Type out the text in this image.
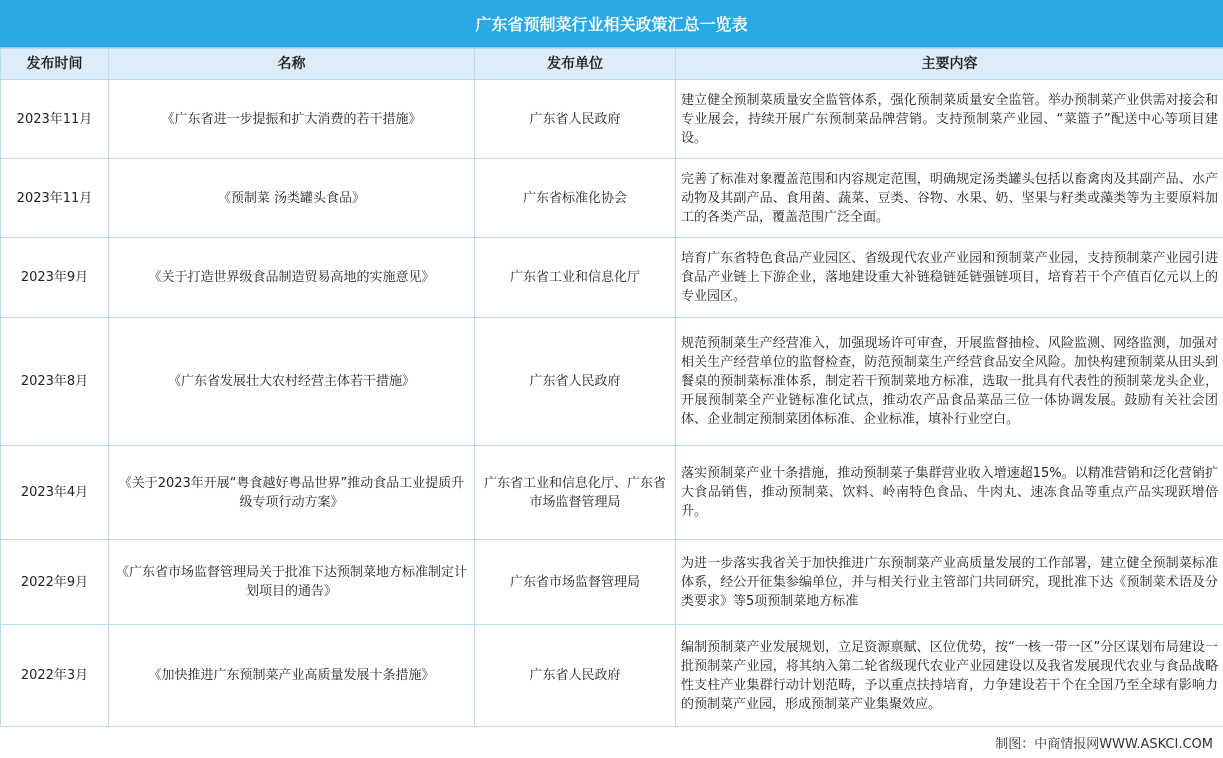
广东省预制菜行业相关政策汇总一览表
发布时间	名称	发布单位	主要内容
2023年11月	《广东省进一步提振和扩大消费的若干措施》	广东省人民政府	建立健全预制菜质量安全监管体系，强化预制菜质量安全监管。举办预制菜产业供需对接会和专业展会，持续开展广东预制菜品牌营销。支持预制菜产业园、“菜篮子”配送中心等项目建设。
2023年11月	《预制菜 汤类罐头食品》	广东省标准化协会	完善了标准对象覆盖范围和内容规定范围，明确规定汤类罐头包括以畜禽肉及其副产品、水产动物及其副产品、食用菌、蔬菜、豆类、谷物、水果、奶、坚果与籽类或藻类等为主要原料加工的各类产品，覆盖范围广泛全面。
2023年9月	《关于打造世界级食品制造贸易高地的实施意见》	广东省工业和信息化厅	培育广东省特色食品产业园区、省级现代农业产业园和预制菜产业园，支持预制菜产业园引进食品产业链上下游企业，落地建设重大补链稳链延链强链项目，培育若干个产值百亿元以上的专业园区。
2023年8月	《广东省发展壮大农村经营主体若干措施》	广东省人民政府	规范预制菜生产经营准入，加强现场许可审查，开展监督抽检、风险监测、网络监测，加强对相关生产经营单位的监督检查，防范预制菜生产经营食品安全风险。加快构建预制菜从田头到餐桌的预制菜标准体系，制定若干预制菜地方标准，选取一批具有代表性的预制菜龙头企业，开展预制菜全产业链标准化试点，推动农产品食品菜品三位一体协调发展。鼓励有关社会团体、企业制定预制菜团体标准、企业标准，填补行业空白。
2023年4月	《关于2023年开展“粤食越好粤品世界”推动食品工业提质升级专项行动方案》	广东省工业和信息化厅、广东省市场监督管理局	落实预制菜产业十条措施，推动预制菜子集群营业收入增速超15%。以精准营销和泛化营销扩大食品销售，推动预制菜、饮料、岭南特色食品、牛肉丸、速冻食品等重点产品实现跃增倍升。
2022年9月	《广东省市场监督管理局关于批准下达预制菜地方标准制定计划项目的通告》	广东省市场监督管理局	为进一步落实我省关于加快推进广东预制菜产业高质量发展的工作部署，建立健全预制菜标准体系，经公开征集参编单位，并与相关行业主管部门共同研究，现批准下达《预制菜术语及分类要求》等5项预制菜地方标准
2022年3月	《加快推进广东预制菜产业高质量发展十条措施》	广东省人民政府	编制预制菜产业发展规划，立足资源禀赋、区位优势，按“一核一带一区”分区谋划布局建设一批预制菜产业园，将其纳入第二轮省级现代农业产业园建设以及我省发展现代农业与食品战略性支柱产业集群行动计划范畴，予以重点扶持培育，力争建设若干个在全国乃至全球有影响力的预制菜产业园，形成预制菜产业集聚效应。
制图：中商情报网WWW.ASKCI.COM
